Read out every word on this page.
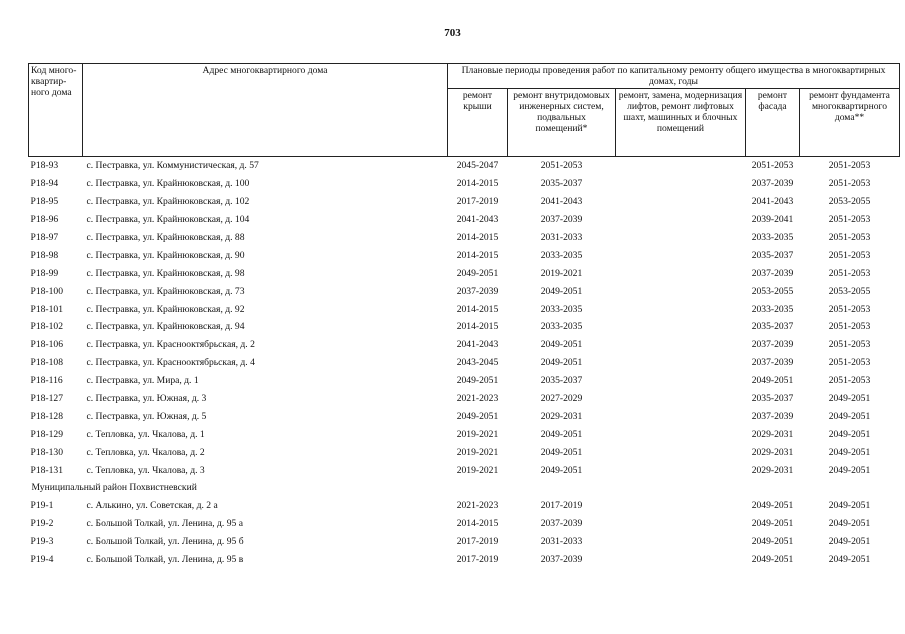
703
Код много-
квартир-
ного дома	Адрес многоквартирного дома	Плановые периоды проведения работ по капитальному ремонту общего имущества в многоквартирных домах, годы				
		ремонт крыши	ремонт внутридомовых инженерных систем, подвальных помещений*	ремонт, замена, модернизация лифтов, ремонт лифтовых шахт, машинных и блочных помещений	ремонт фасада	ремонт фундамента многоквартирного дома**
Р18-93	с. Пестравка, ул. Коммунистическая, д. 57	2045-2047	2051-2053		2051-2053	2051-2053
Р18-94	с. Пестравка, ул. Крайнюковская, д. 100	2014-2015	2035-2037		2037-2039	2051-2053
Р18-95	с. Пестравка, ул. Крайнюковская, д. 102	2017-2019	2041-2043		2041-2043	2053-2055
Р18-96	с. Пестравка, ул. Крайнюковская, д. 104	2041-2043	2037-2039		2039-2041	2051-2053
Р18-97	с. Пестравка, ул. Крайнюковская, д. 88	2014-2015	2031-2033		2033-2035	2051-2053
Р18-98	с. Пестравка, ул. Крайнюковская, д. 90	2014-2015	2033-2035		2035-2037	2051-2053
Р18-99	с. Пестравка, ул. Крайнюковская, д. 98	2049-2051	2019-2021		2037-2039	2051-2053
Р18-100	с. Пестравка, ул. Крайнюковская, д. 73	2037-2039	2049-2051		2053-2055	2053-2055
Р18-101	с. Пестравка, ул. Крайнюковская, д. 92	2014-2015	2033-2035		2033-2035	2051-2053
Р18-102	с. Пестравка, ул. Крайнюковская, д. 94	2014-2015	2033-2035		2035-2037	2051-2053
Р18-106	с. Пестравка, ул. Краснооктябрьская, д. 2	2041-2043	2049-2051		2037-2039	2051-2053
Р18-108	с. Пестравка, ул. Краснооктябрьская, д. 4	2043-2045	2049-2051		2037-2039	2051-2053
Р18-116	с. Пестравка, ул. Мира, д. 1	2049-2051	2035-2037		2049-2051	2051-2053
Р18-127	с. Пестравка, ул. Южная, д. 3	2021-2023	2027-2029		2035-2037	2049-2051
Р18-128	с. Пестравка, ул. Южная, д. 5	2049-2051	2029-2031		2037-2039	2049-2051
Р18-129	с. Тепловка, ул. Чкалова, д. 1	2019-2021	2049-2051		2029-2031	2049-2051
Р18-130	с. Тепловка, ул. Чкалова, д. 2	2019-2021	2049-2051		2029-2031	2049-2051
Р18-131	с. Тепловка, ул. Чкалова, д. 3	2019-2021	2049-2051		2029-2031	2049-2051
Муниципальный район Похвистневский						
Р19-1	с. Алькино, ул. Советская, д. 2 а	2021-2023	2017-2019		2049-2051	2049-2051
Р19-2	с. Большой Толкай, ул. Ленина, д. 95 а	2014-2015	2037-2039		2049-2051	2049-2051
Р19-3	с. Большой Толкай, ул. Ленина, д. 95 б	2017-2019	2031-2033		2049-2051	2049-2051
Р19-4	с. Большой Толкай, ул. Ленина, д. 95 в	2017-2019	2037-2039		2049-2051	2049-2051
